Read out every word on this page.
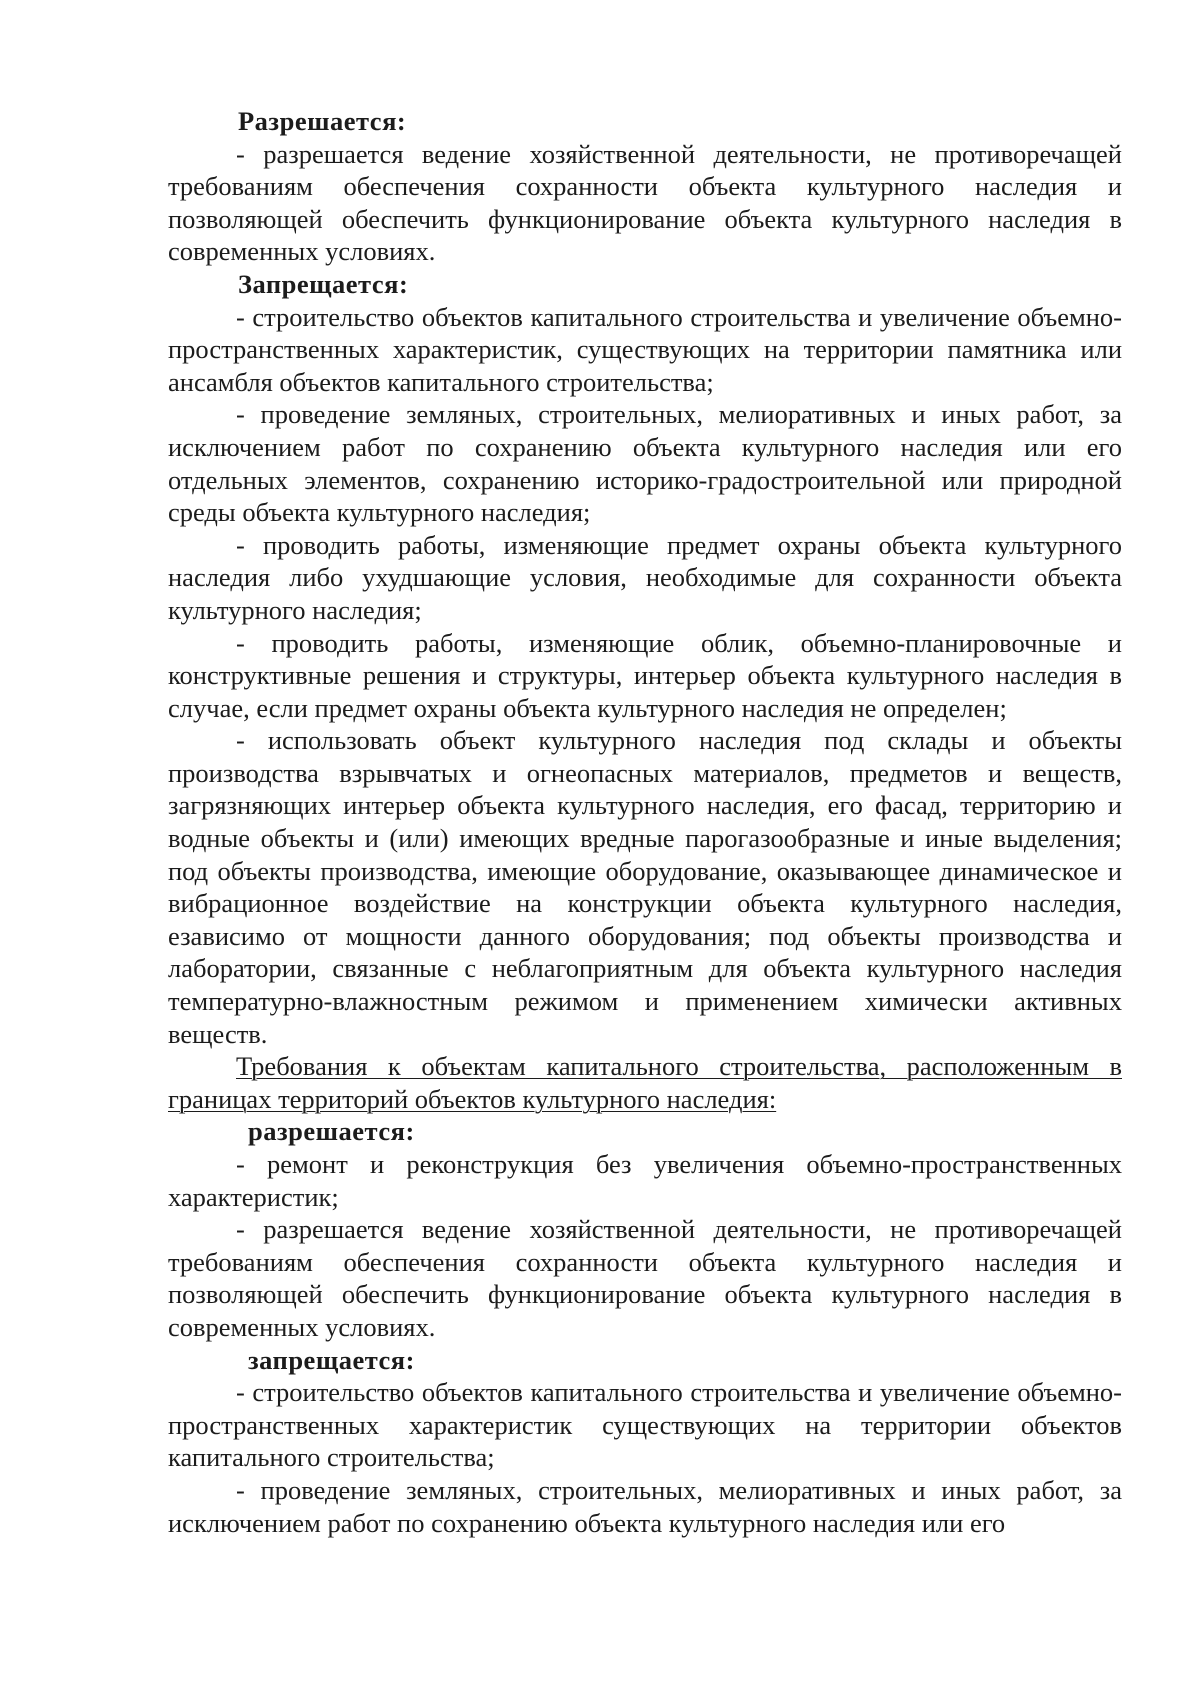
Разрешается:

- разрешается ведение хозяйственной деятельности, не противоречащей требованиям обеспечения сохранности объекта культурного наследия и позволяющей обеспечить функционирование объекта культурного наследия в современных условиях.

Запрещается:

- строительство объектов капитального строительства и увеличение объемно-пространственных характеристик, существующих на территории памятника или ансамбля объектов капитального строительства;

- проведение земляных, строительных, мелиоративных и иных работ, за исключением работ по сохранению объекта культурного наследия или его отдельных элементов, сохранению историко-градостроительной или природной среды объекта культурного наследия;

- проводить работы, изменяющие предмет охраны объекта культурного наследия либо ухудшающие условия, необходимые для сохранности объекта культурного наследия;

- проводить работы, изменяющие облик, объемно-планировочные и конструктивные решения и структуры, интерьер объекта культурного наследия в случае, если предмет охраны объекта культурного наследия не определен;

- использовать объект культурного наследия под склады и объекты производства взрывчатых и огнеопасных материалов, предметов и веществ, загрязняющих интерьер объекта культурного наследия, его фасад, территорию и водные объекты и (или) имеющих вредные парогазообразные и иные выделения; под объекты производства, имеющие оборудование, оказывающее динамическое и вибрационное воздействие на конструкции объекта культурного наследия, езависимо от мощности данного оборудования; под объекты производства и лаборатории, связанные с неблагоприятным для объекта культурного наследия температурно-влажностным режимом и применением химически активных веществ.

Требования к объектам капитального строительства, расположенным в границах территорий объектов культурного наследия:

разрешается:

- ремонт и реконструкция без увеличения объемно-пространственных характеристик;

- разрешается ведение хозяйственной деятельности, не противоречащей требованиям обеспечения сохранности объекта культурного наследия и позволяющей обеспечить функционирование объекта культурного наследия в современных условиях.

запрещается:

- строительство объектов капитального строительства и увеличение объемно-пространственных характеристик существующих на территории объектов капитального строительства;

- проведение земляных, строительных, мелиоративных и иных работ, за исключением работ по сохранению объекта культурного наследия или его
